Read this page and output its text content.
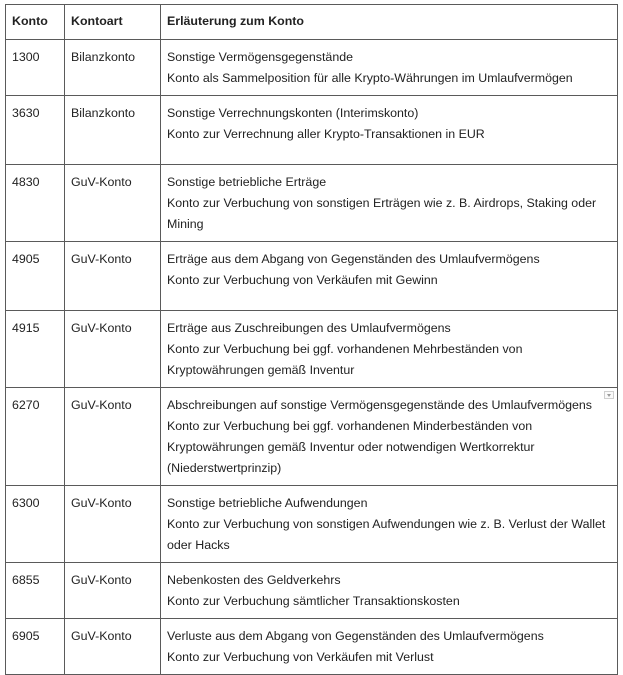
Konto	Kontoart	Erläuterung zum Konto
1300	Bilanzkonto	Sonstige Vermögensgegenstände
Konto als Sammelposition für alle Krypto-Währungen im Umlaufvermögen

3630	Bilanzkonto	Sonstige Verrechnungskonten (Interimskonto)
Konto zur Verrechnung aller Krypto-Transaktionen in EUR

4830	GuV-Konto	Sonstige betriebliche Erträge
Konto zur Verbuchung von sonstigen Erträgen wie z. B. Airdrops, Staking oder Mining

4905	GuV-Konto	Erträge aus dem Abgang von Gegenständen des Umlaufvermögens
Konto zur Verbuchung von Verkäufen mit Gewinn

4915	GuV-Konto	Erträge aus Zuschreibungen des Umlaufvermögens
Konto zur Verbuchung bei ggf. vorhandenen Mehrbeständen von Kryptowährungen gemäß Inventur

6270	GuV-Konto	Abschreibungen auf sonstige Vermögensgegenstände des Umlaufvermögens
Konto zur Verbuchung bei ggf. vorhandenen Minderbeständen von Kryptowährungen gemäß Inventur oder notwendigen Wertkorrektur (Niederstwertprinzip)

6300	GuV-Konto	Sonstige betriebliche Aufwendungen
Konto zur Verbuchung von sonstigen Aufwendungen wie z. B. Verlust der Wallet oder Hacks

6855	GuV-Konto	Nebenkosten des Geldverkehrs
Konto zur Verbuchung sämtlicher Transaktionskosten

6905	GuV-Konto	Verluste aus dem Abgang von Gegenständen des Umlaufvermögens
Konto zur Verbuchung von Verkäufen mit Verlust
